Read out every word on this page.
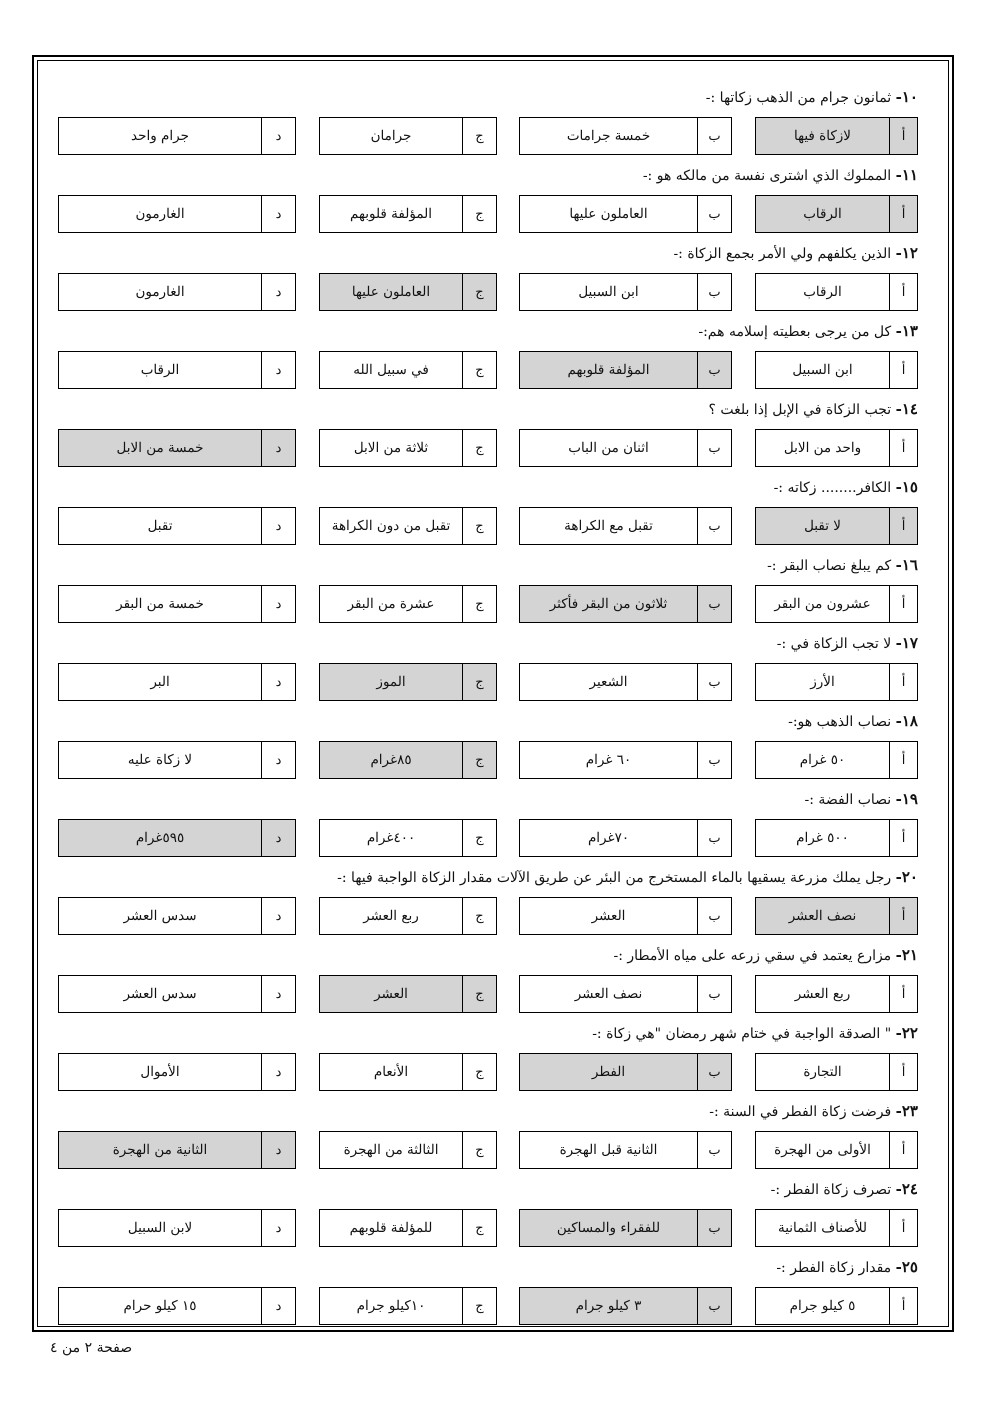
١٠- ثمانون جرام من الذهب زكاتها :-
لازكاة فيها	أ
خمسة جرامات	ب
جرامان	ج
جرام واحد	د
١١- المملوك الذي اشترى نفسة من مالكه هو :-
الرقاب	أ
العاملون عليها	ب
المؤلفة قلوبهم	ج
الغارمون	د
١٢- الذين يكلفهم ولي الأمر بجمع الزكاة :-
الرقاب	أ
ابن السبيل	ب
العاملون عليها	ج
الغارمون	د
١٣- كل من يرجى بعطيته إسلامه هم:-
ابن السبيل	أ
المؤلفة قلوبهم	ب
في سبيل الله	ج
الرقاب	د
١٤- تجب الزكاة في الإبل إذا بلغت ؟
واحد من الابل	أ
اثنان من الباب	ب
ثلاثة من الابل	ج
خمسة من الابل	د
١٥- الكافر........ زكاته :-
لا تقبل	أ
تقبل مع الكراهة	ب
تقبل من دون الكراهة	ج
تقبل	د
١٦- كم يبلغ نصاب البقر :-
عشرون من البقر	أ
ثلاثون من البقر فأكثر	ب
عشرة من البقر	ج
خمسة من البقر	د
١٧- لا تجب الزكاة في :-
الأرز	أ
الشعير	ب
الموز	ج
البر	د
١٨- نصاب الذهب هو:-
٥٠ غرام	أ
٦٠ غرام	ب
٨٥غرام	ج
لا زكاة عليه	د
١٩- نصاب الفضة :-
٥٠٠ غرام	أ
٧٠غرام	ب
٤٠٠غرام	ج
٥٩٥غرام	د
٢٠- رجل يملك مزرعة يسقيها بالماء المستخرج من البئر عن طريق الآلات مقدار الزكاة الواجبة فيها :-
نصف العشر	أ
العشر	ب
ربع العشر	ج
سدس العشر	د
٢١- مزارع يعتمد في سقي زرعه على مياه الأمطار :-
ربع العشر	أ
نصف العشر	ب
العشر	ج
سدس العشر	د
٢٢- " الصدقة الواجبة في ختام شهر رمضان "هي زكاة :-
التجارة	أ
الفطر	ب
الأنعام	ج
الأموال	د
٢٣- فرضت زكاة الفطر في السنة :-
الأولى من الهجرة	أ
الثانية قبل الهجرة	ب
الثالثة من الهجرة	ج
الثانية من الهجرة	د
٢٤- تصرف زكاة الفطر :-
للأصناف الثمانية	أ
للفقراء والمساكين	ب
للمؤلفة قلوبهم	ج
لابن السبيل	د
٢٥- مقدار زكاة الفطر :-
٥ كيلو جرام	أ
٣ كيلو جرام	ب
١٠كيلو جرام	ج
١٥ كيلو حرام	د
صفحة ٢ من ٤
